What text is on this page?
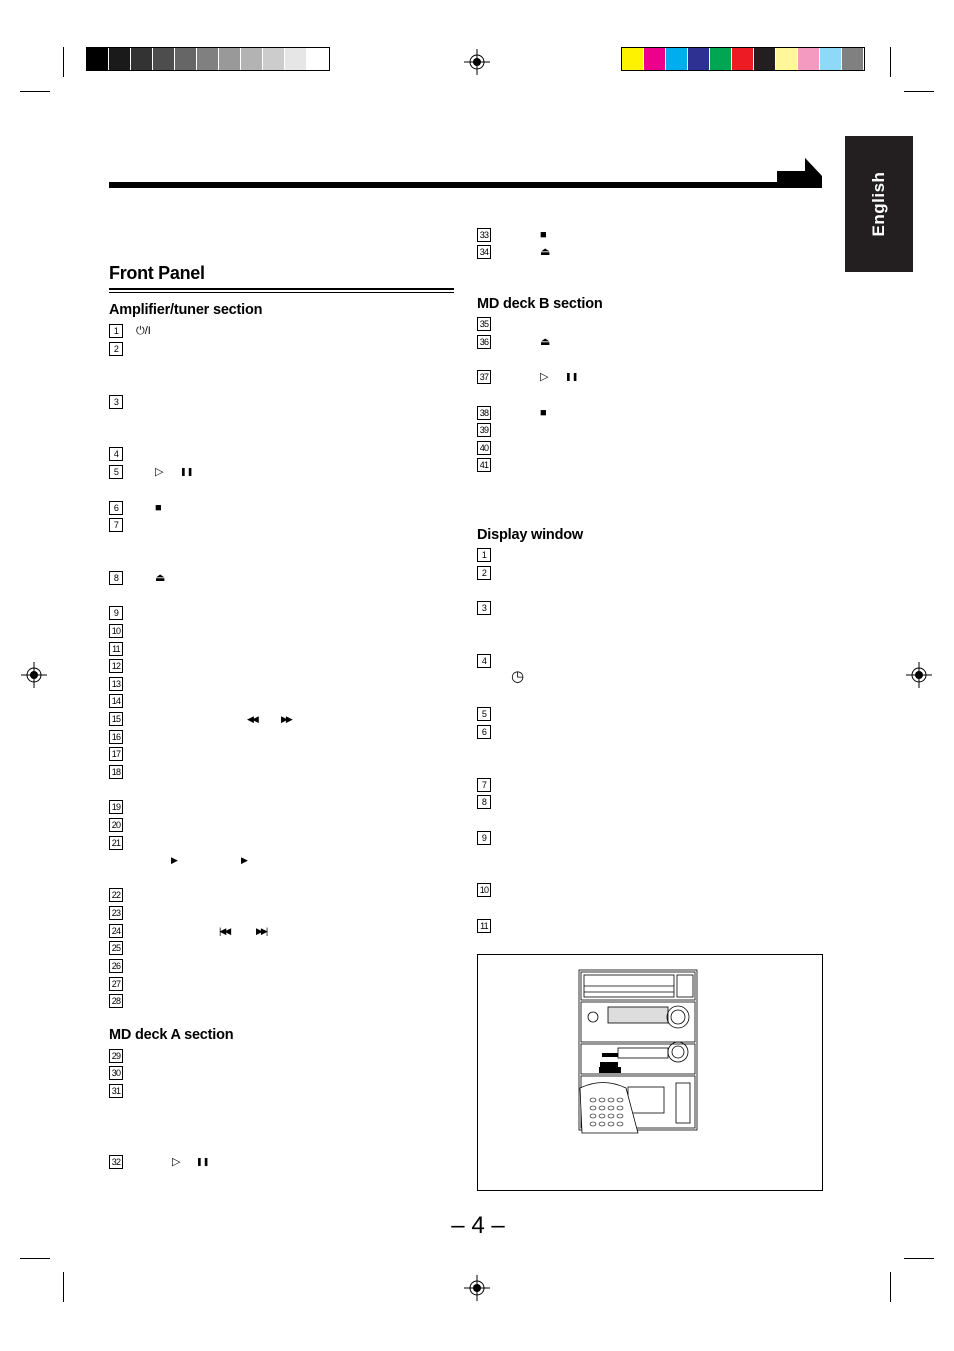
English
Front Panel
Amplifier/tuner section
MD deck A section
1
2
3
4
5
6
7
8
9
10
11
12
13
14
15
16
17
18
19
20
21
22
23
24
25
26
27
28
29
30
31
32
⏻/I
▷ ❚❚
■
⏏
◀◀	▶▶
▶	▶
|◀◀	▶▶|
▷ ❚❚
MD deck B section
Display window
33
34
35
36
37
38
39
40
41
1
2
3
4
5
6
7
8
9
10
11
■
⏏
⏏
▷ ❚❚
■
◷
– 4 –
